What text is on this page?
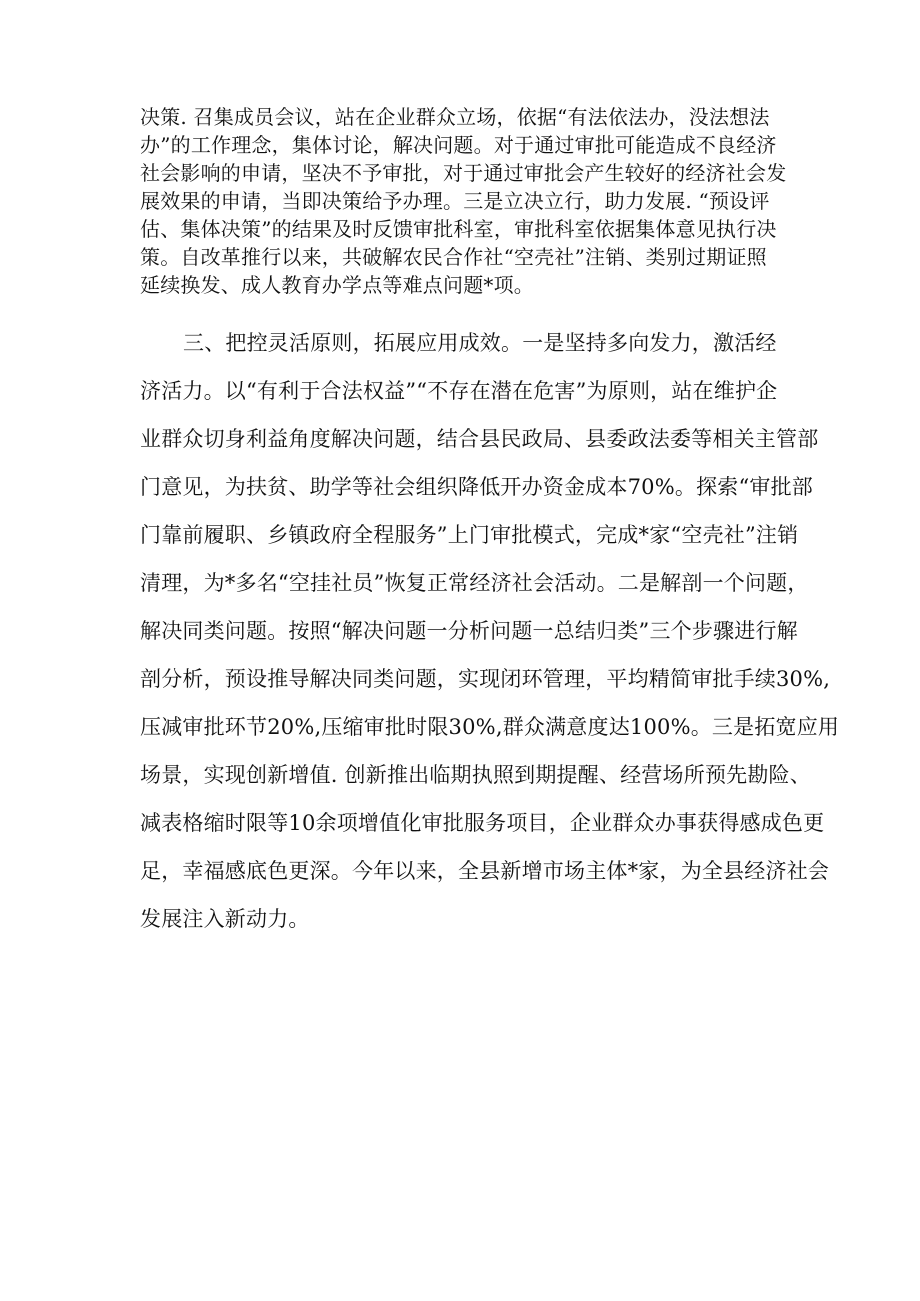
决策. 召集成员会议，站在企业群众立场，依据“有法依法办，没法想法
办”的工作理念，集体讨论，解决问题。对于通过审批可能造成不良经济
社会影响的申请，坚决不予审批，对于通过审批会产生较好的经济社会发
展效果的申请，当即决策给予办理。三是立决立行，助力发展. “预设评
估、集体决策”的结果及时反馈审批科室，审批科室依据集体意见执行决
策。自改革推行以来，共破解农民合作社“空壳社”注销、类别过期证照
延续换发、成人教育办学点等难点问题*项。
三、把控灵活原则，拓展应用成效。一是坚持多向发力，激活经
济活力。以“有利于合法权益”“不存在潜在危害”为原则，站在维护企
业群众切身利益角度解决问题，结合县民政局、县委政法委等相关主管部
门意见，为扶贫、助学等社会组织降低开办资金成本70%。探索“审批部
门靠前履职、乡镇政府全程服务”上门审批模式，完成*家“空壳社”注销
清理，为*多名“空挂社员”恢复正常经济社会活动。二是解剖一个问题，
解决同类问题。按照“解决问题一分析问题一总结归类”三个步骤进行解
剖分析，预设推导解决同类问题，实现闭环管理，平均精简审批手续30%,
压减审批环节20%,压缩审批时限30%,群众满意度达100%。三是拓宽应用
场景，实现创新增值. 创新推出临期执照到期提醒、经营场所预先勘险、
减表格缩时限等10余项增值化审批服务项目，企业群众办事获得感成色更
足，幸福感底色更深。今年以来，全县新增市场主体*家，为全县经济社会
发展注入新动力。
